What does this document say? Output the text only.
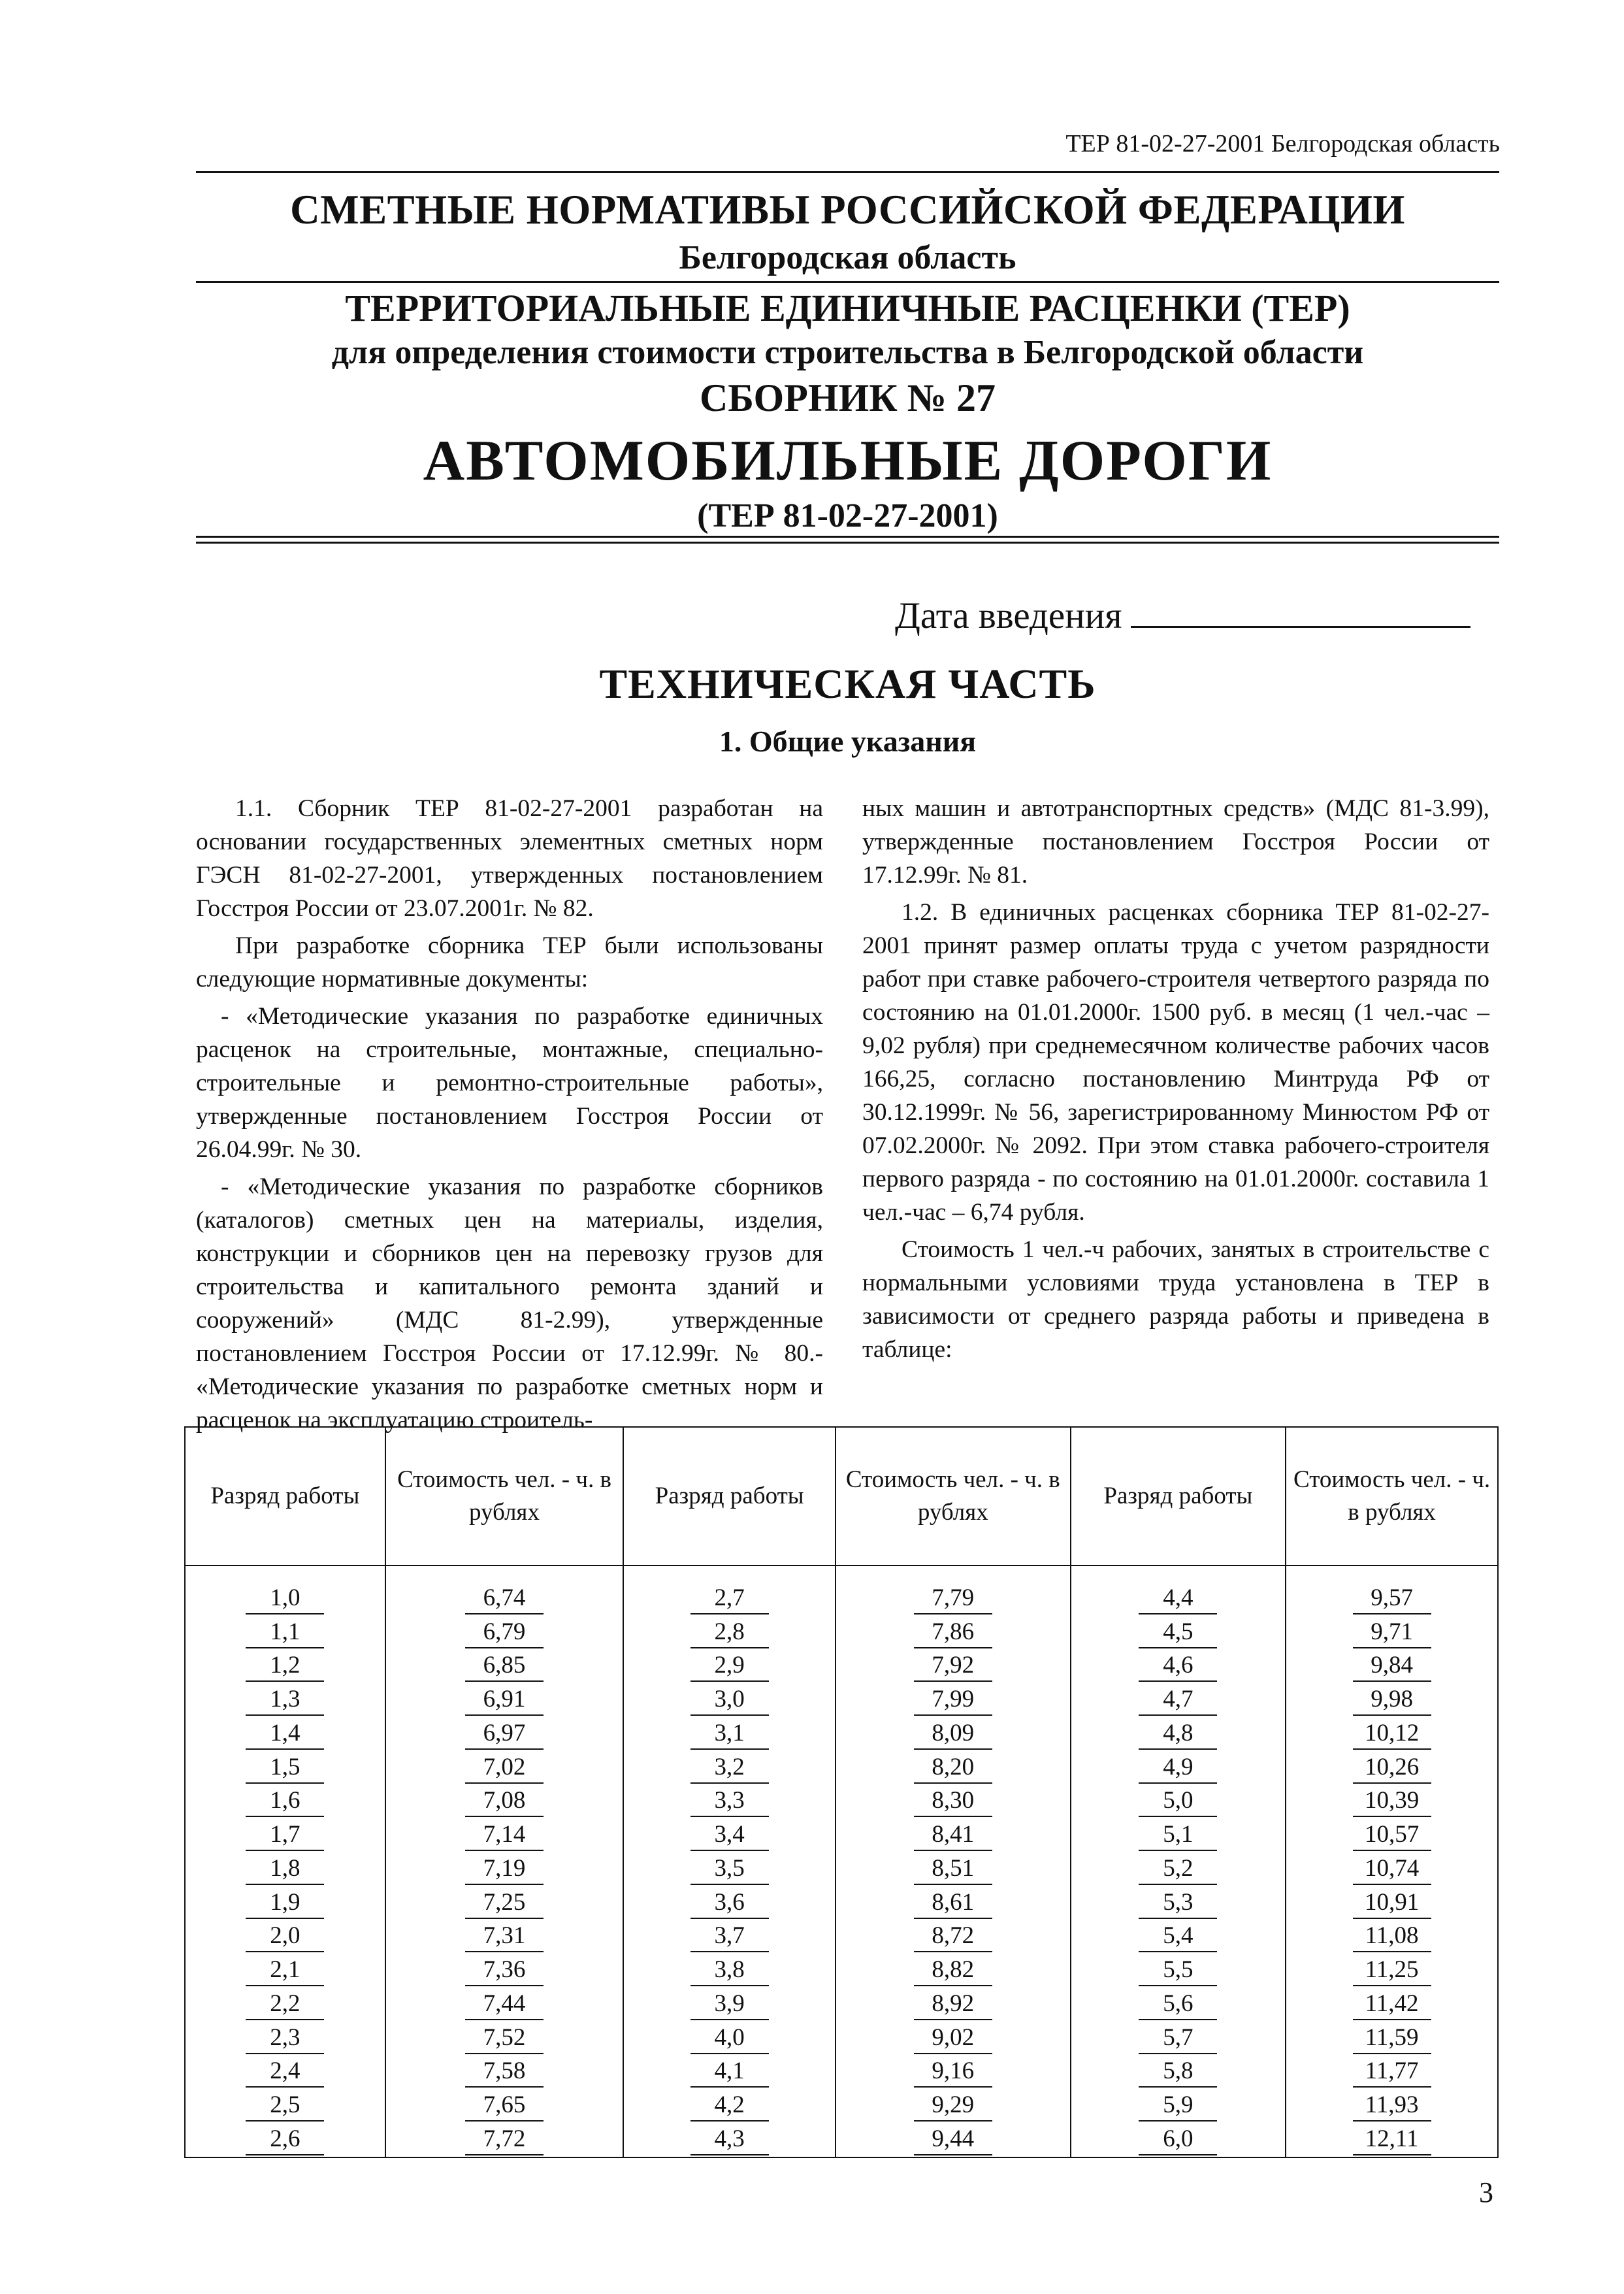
ТЕР 81-02-27-2001 Белгородская область
СМЕТНЫЕ НОРМАТИВЫ РОССИЙСКОЙ ФЕДЕРАЦИИ
Белгородская область
ТЕРРИТОРИАЛЬНЫЕ ЕДИНИЧНЫЕ РАСЦЕНКИ (ТЕР)
для определения стоимости строительства в Белгородской области
СБОРНИК № 27
АВТОМОБИЛЬНЫЕ ДОРОГИ
(ТЕР 81-02-27-2001)
Дата введения
ТЕХНИЧЕСКАЯ ЧАСТЬ
1. Общие указания

1.1. Сборник ТЕР 81-02-27-2001 разработан на основании государственных элементных сметных норм ГЭСН 81-02-27-2001, утвержденных постановлением Госстроя России от 23.07.2001г. № 82.

При разработке сборника ТЕР были использованы следующие нормативные документы:

- «Методические указания по разработке единичных расценок на строительные, монтажные, специально-строительные и ремонтно-строительные работы», утвержденные постановлением Госстроя России от 26.04.99г. № 30.

- «Методические указания по разработке сборников (каталогов) сметных цен на материалы, изделия, конструкции и сборников цен на перевозку грузов для строительства и капитального ремонта зданий и сооружений» (МДС 81-2.99), утвержденные постановлением Госстроя России от 17.12.99г. № 80.- «Методические указания по разработке сметных норм и расценок на эксплуатацию строитель-

ных машин и автотранспортных средств» (МДС 81-3.99), утвержденные постановлением Госстроя России от 17.12.99г. № 81.

1.2. В единичных расценках сборника ТЕР 81-02-27-2001 принят размер оплаты труда с учетом разрядности работ при ставке рабочего-строителя четвертого разряда по состоянию на 01.01.2000г. 1500 руб. в месяц (1 чел.-час – 9,02 рубля) при среднемесячном количестве рабочих часов 166,25, согласно постановлению Минтруда РФ от 30.12.1999г. № 56, зарегистрированному Минюстом РФ от 07.02.2000г. № 2092. При этом ставка рабочего-строителя первого разряда - по состоянию на 01.01.2000г. составила 1 чел.-час – 6,74 рубля.

Стоимость 1 чел.-ч рабочих, занятых в строительстве с нормальными условиями труда установлена в ТЕР в зависимости от среднего разряда работы и приведена в таблице:

Разряд работы	Стоимость чел. - ч. в рублях	Разряд работы	Стоимость чел. - ч. в рублях	Разряд работы	Стоимость чел. - ч. в рублях

1,0	6,74	2,7	7,79	4,4	9,57
1,1	6,79	2,8	7,86	4,5	9,71
1,2	6,85	2,9	7,92	4,6	9,84
1,3	6,91	3,0	7,99	4,7	9,98
1,4	6,97	3,1	8,09	4,8	10,12
1,5	7,02	3,2	8,20	4,9	10,26
1,6	7,08	3,3	8,30	5,0	10,39
1,7	7,14	3,4	8,41	5,1	10,57
1,8	7,19	3,5	8,51	5,2	10,74
1,9	7,25	3,6	8,61	5,3	10,91
2,0	7,31	3,7	8,72	5,4	11,08
2,1	7,36	3,8	8,82	5,5	11,25
2,2	7,44	3,9	8,92	5,6	11,42
2,3	7,52	4,0	9,02	5,7	11,59
2,4	7,58	4,1	9,16	5,8	11,77
2,5	7,65	4,2	9,29	5,9	11,93
2,6	7,72	4,3	9,44	6,0	12,11
3
